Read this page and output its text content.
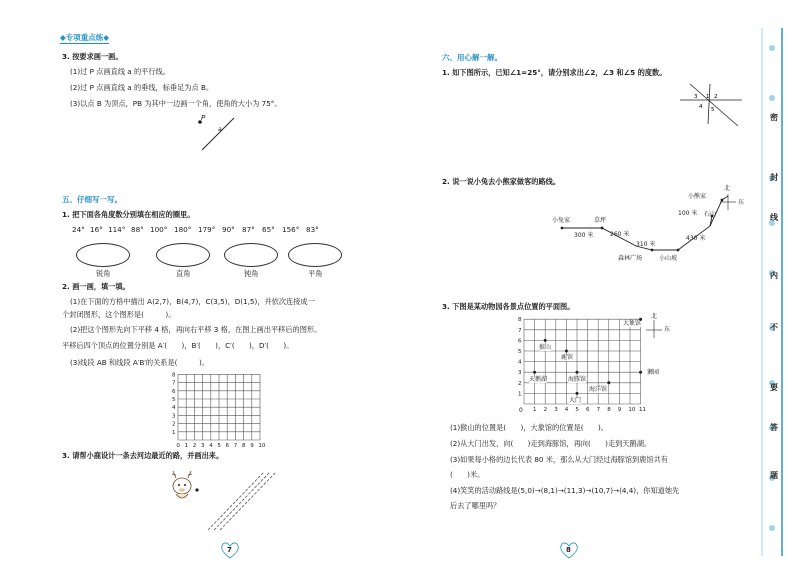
◆专项重点练◆
3. 按要求画一画。
(1)过 P 点画直线 a 的平行线。
(2)过 P 点画直线 a 的垂线，标垂足为点 B。
(3)以点 B 为顶点，PB 为其中一边画一个角，使角的大小为 75°。
P
a
五、仔细写一写。
1. 把下面各角度数分别填在相应的圈里。
24° 16° 114° 88° 100° 180° 179° 90° 87° 65° 156° 83°
锐角	直角	钝角	平角
2. 画一画，填一填。
(1)在下面的方格中描出 A(2,7)，B(4,7)，C(3,5)，D(1,5)，并依次连接成一
个封闭图形，这个图形是(　　　)。
(2)把这个图形先向下平移 4 格，再向右平移 3 格，在图上画出平移后的图形。
平移后四个顶点的位置分别是 A′(　　)，B′(　　)，C′(　　)，D′(　　)。
(3)线段 AB 和线段 A′B′的关系是(　　　)。
1
2
3
4
5
6
7
8
0 1 2 3 4 5 6 7 8 9 10
3. 请帮小鹿设计一条去河边最近的路，并画出来。
7
六、用心解一解。
1. 如下图所示，已知∠1=25°，请分别求出∠2，∠3 和∠5 的度数。
3 1 2
4 5
2. 说一说小兔去小熊家做客的路线。
小兔家	草坪
森林广场	小山坡
石山
小熊家
300 米	260 米
310 米
430 米
100 米
北
东
3. 下图是某动物园各景点位置的平面图。
1
2
3
4
5
6
7
8
1 2 3 4 5 6 7 8 9 10 11
0
大象馆
猴山
鹿馆
天鹅湖	海豚馆
狮园
海洋馆
大门
北
东
(1)猴山的位置是(　　)，大象馆的位置是(　　)。
(2)从大门出发，向(　　)走到海豚馆，再向(　　)走到天鹅湖。
(3)如果每小格的边长代表 80 米，那么从大门经过海豚馆到鹿馆共有
(　　)米。
(4)笑笑的活动路线是(5,0)→(8,1)→(11,3)→(10,7)→(4,4)，你知道她先
后去了哪里吗？
8
密
封
线
内
不
要
答
题
